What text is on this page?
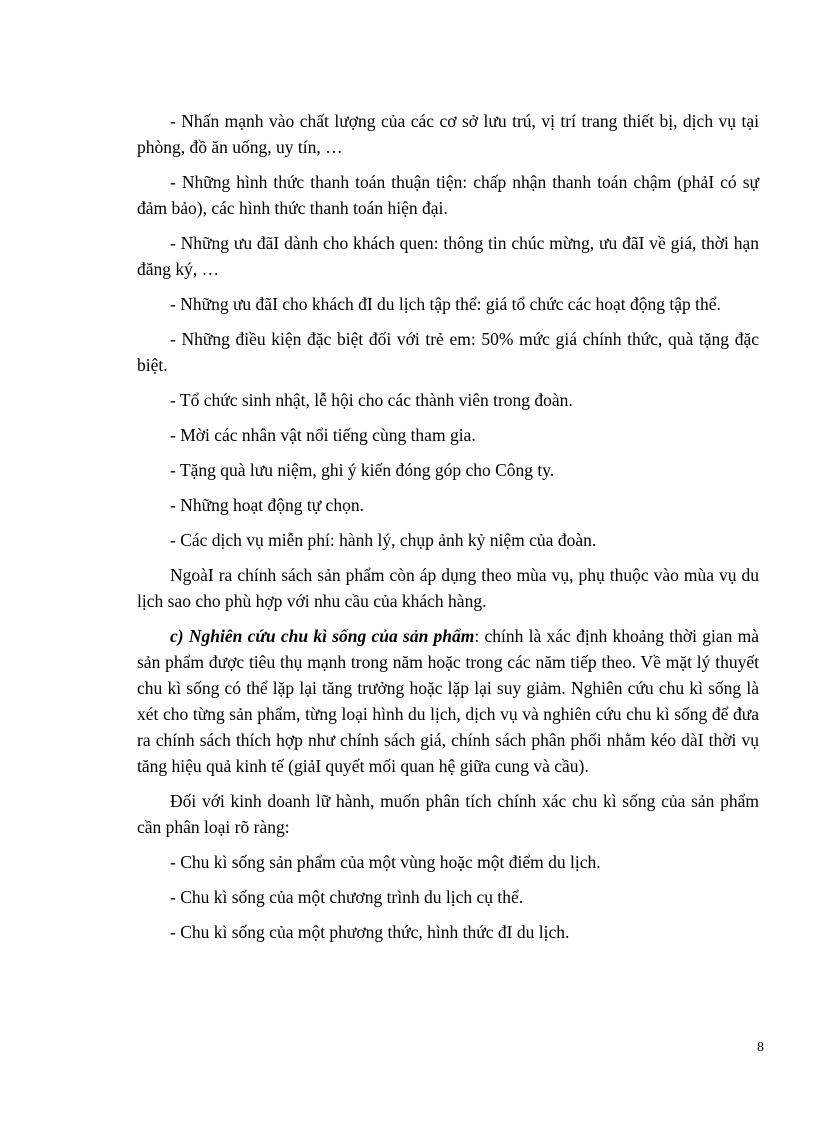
- Nhấn mạnh vào chất lượng của các cơ sở lưu trú, vị trí trang thiết bị, dịch vụ tại phòng, đồ ăn uống, uy tín, …

- Những hình thức thanh toán thuận tiện: chấp nhận thanh toán chậm (phảI có sự đảm bảo), các hình thức thanh toán hiện đại.

- Những ưu đãI dành cho khách quen: thông tin chúc mừng, ưu đãI về giá, thời hạn đăng ký, …

- Những ưu đãI cho khách đI du lịch tập thể: giá tổ chức các hoạt động tập thể.

- Những điều kiện đặc biệt đối với trẻ em: 50% mức giá chính thức, quà tặng đặc biệt.

- Tổ chức sinh nhật, lễ hội cho các thành viên trong đoàn.

- Mời các nhân vật nổi tiếng cùng tham gia.

- Tặng quà lưu niệm, ghi ý kiến đóng góp cho Công ty.

- Những hoạt động tự chọn.

- Các dịch vụ miễn phí: hành lý, chụp ảnh kỷ niệm của đoàn.

NgoàI ra chính sách sản phẩm còn áp dụng theo mùa vụ, phụ thuộc vào mùa vụ du lịch sao cho phù hợp với nhu cầu của khách hàng.

c) Nghiên cứu chu kì sống của sản phẩm: chính là xác định khoảng thời gian mà sản phẩm được tiêu thụ mạnh trong năm hoặc trong các năm tiếp theo. Về mặt lý thuyết chu kì sống có thể lặp lại tăng trưởng hoặc lặp lại suy giảm. Nghiên cứu chu kì sống là xét cho từng sản phẩm, từng loại hình du lịch, dịch vụ và nghiên cứu chu kì sống để đưa ra chính sách thích hợp như chính sách giá, chính sách phân phối nhằm kéo dàI thời vụ tăng hiệu quả kinh tế (giảI quyết mối quan hệ giữa cung và cầu).

Đối với kinh doanh lữ hành, muốn phân tích chính xác chu kì sống của sản phẩm cần phân loại rõ ràng:

- Chu kì sống sản phẩm của một vùng hoặc một điểm du lịch.

- Chu kì sống của một chương trình du lịch cụ thể.

- Chu kì sống của một phương thức, hình thức đI du lịch.

8
